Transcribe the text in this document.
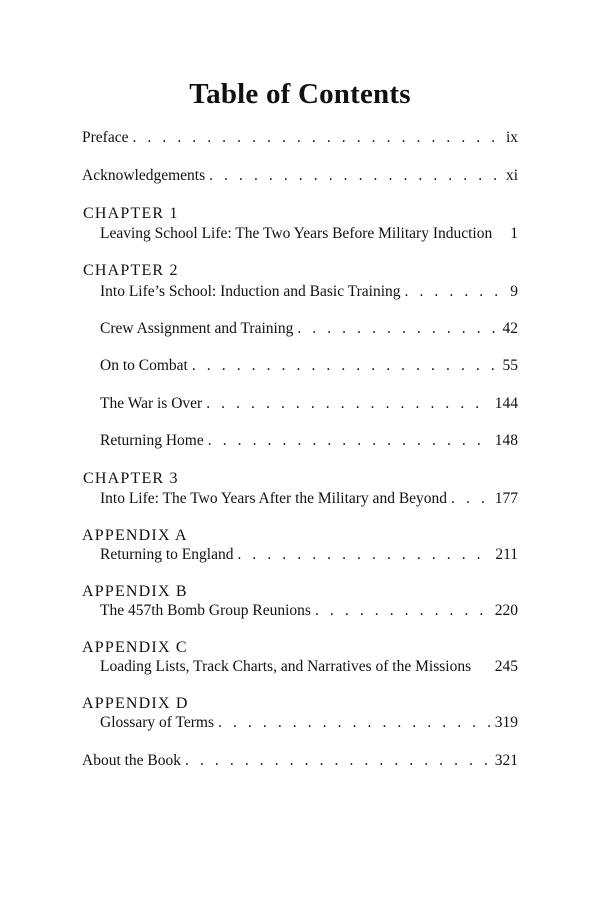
Table of Contents
Preface . . .	ix
Acknowledgements . . .	xi
CHAPTER 1
Leaving School Life: The Two Years Before Military Induction 1
CHAPTER 2
Into Life’s School: Induction and Basic Training . . .	9
Crew Assignment and Training . . .	42
On to Combat . . .	55
The War is Over . . .	144
Returning Home . . .	148
CHAPTER 3
Into Life: The Two Years After the Military and Beyond . . .	177
APPENDIX A
Returning to England . . .	211
APPENDIX B
The 457th Bomb Group Reunions . . .	220
APPENDIX C
Loading Lists, Track Charts, and Narratives of the Missions 245
APPENDIX D
Glossary of Terms . . .	319
About the Book . . .	321
